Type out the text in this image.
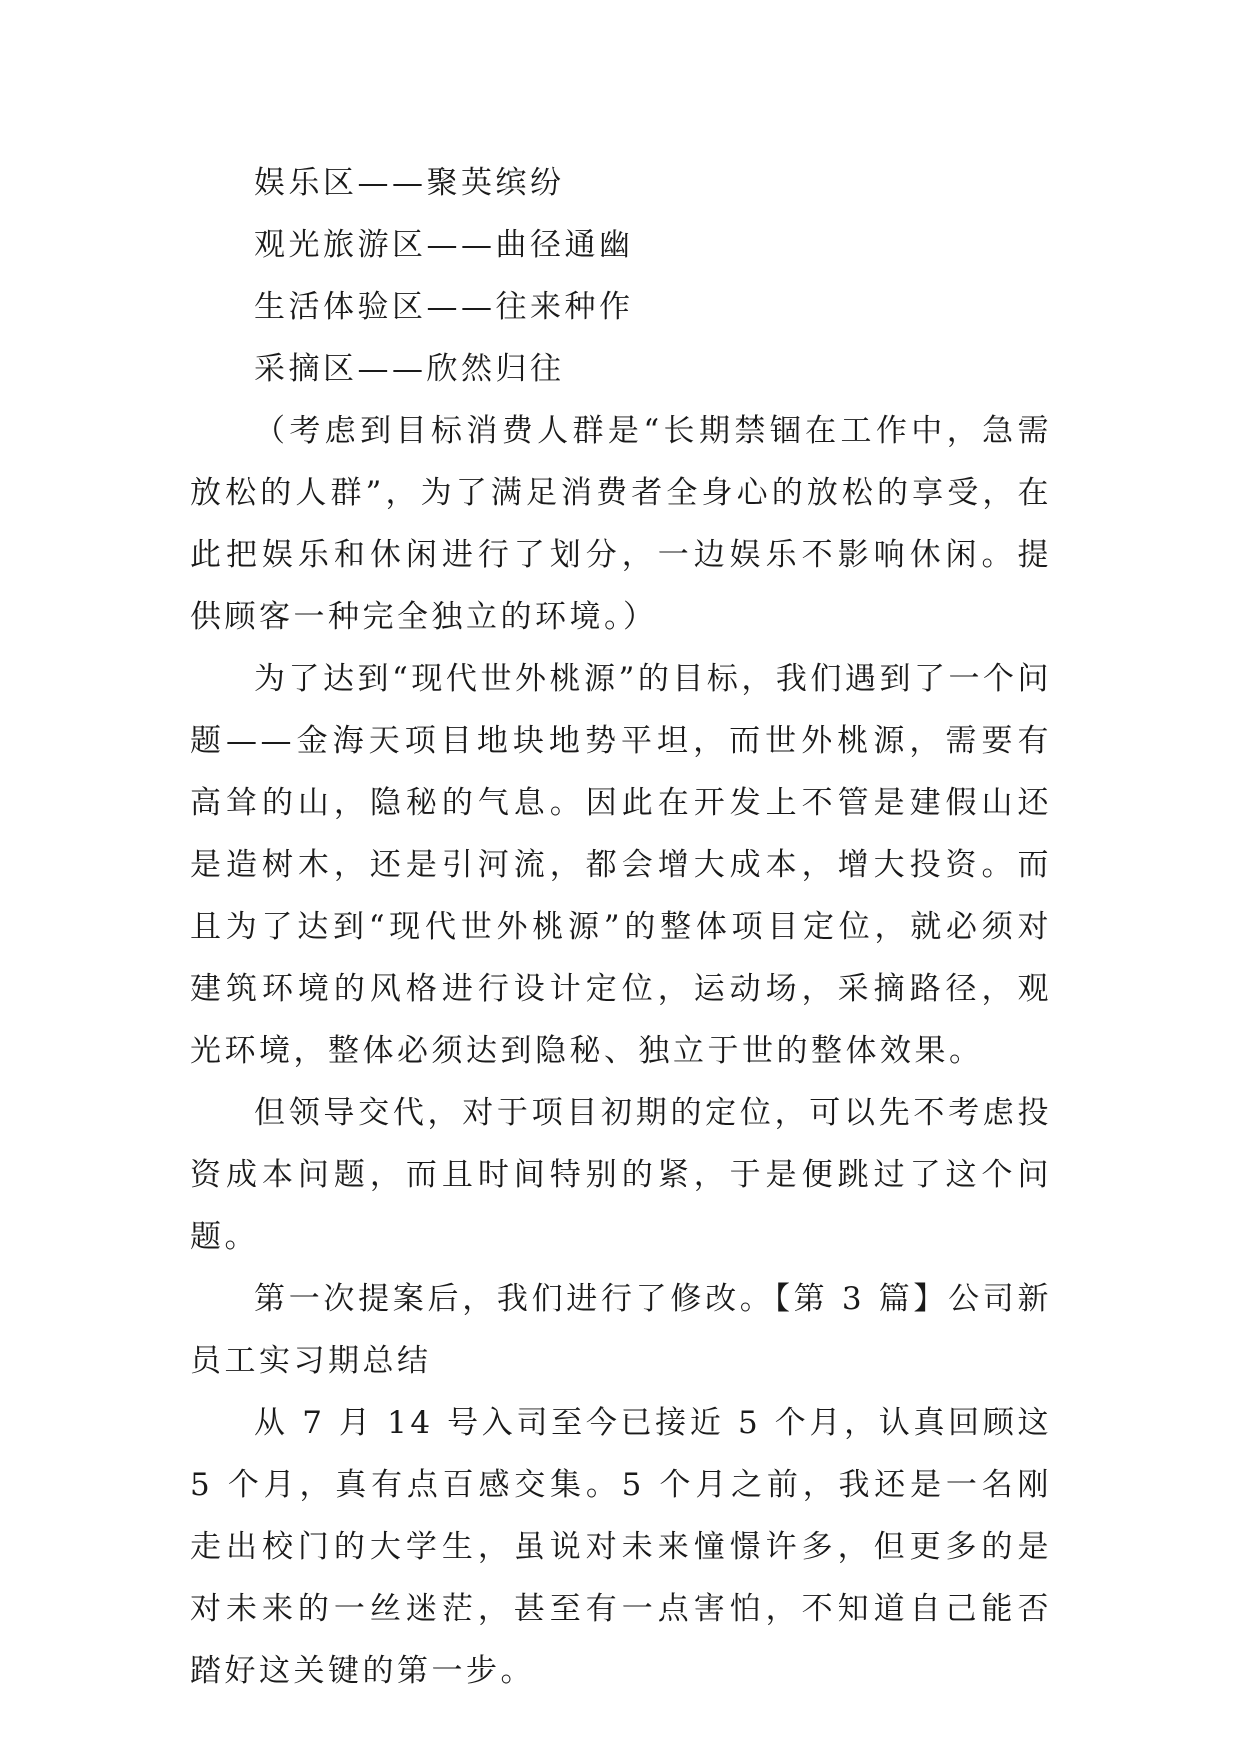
娱乐区——聚英缤纷
观光旅游区——曲径通幽
生活体验区——往来种作
采摘区——欣然归往

（考虑到目标消费人群是“长期禁锢在工作中，急需放松的人群”，为了满足消费者全身心的放松的享受，在此把娱乐和休闲进行了划分，一边娱乐不影响休闲。提供顾客一种完全独立的环境。）

为了达到“现代世外桃源”的目标，我们遇到了一个问题——金海天项目地块地势平坦，而世外桃源，需要有高耸的山，隐秘的气息。因此在开发上不管是建假山还是造树木，还是引河流，都会增大成本，增大投资。而且为了达到“现代世外桃源”的整体项目定位，就必须对建筑环境的风格进行设计定位，运动场，采摘路径，观光环境，整体必须达到隐秘、独立于世的整体效果。

但领导交代，对于项目初期的定位，可以先不考虑投资成本问题，而且时间特别的紧，于是便跳过了这个问题。

第一次提案后，我们进行了修改。【第 3 篇】公司新员工实习期总结

从 7 月 14 号入司至今已接近 5 个月，认真回顾这 5 个月，真有点百感交集。5 个月之前，我还是一名刚走出校门的大学生，虽说对未来憧憬许多，但更多的是对未来的一丝迷茫，甚至有一点害怕，不知道自己能否踏好这关键的第一步。
